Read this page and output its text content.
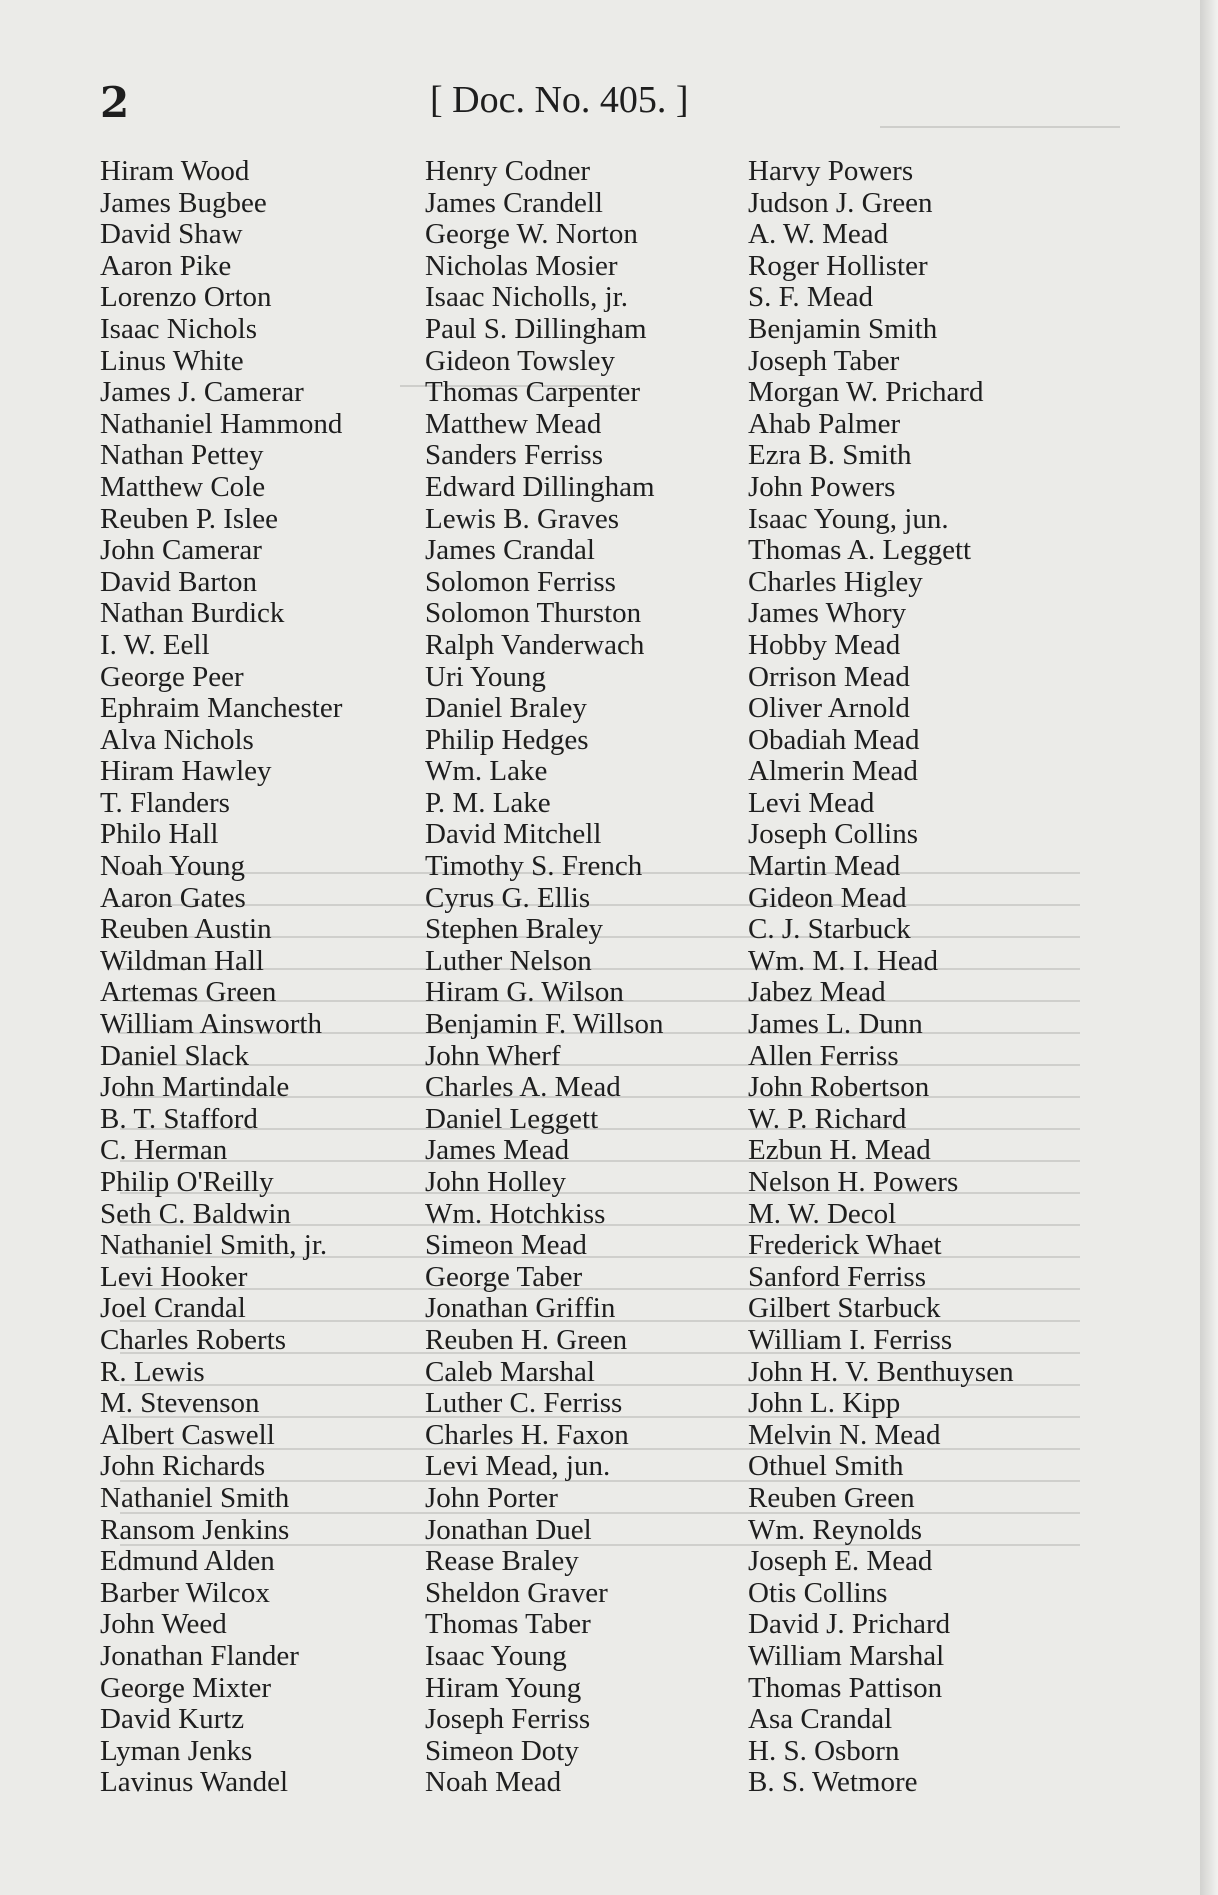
2	[ Doc. No. 405. ]
Hiram Wood
James Bugbee
David Shaw
Aaron Pike
Lorenzo Orton
Isaac Nichols
Linus White
James J. Camerar
Nathaniel Hammond
Nathan Pettey
Matthew Cole
Reuben P. Islee
John Camerar
David Barton
Nathan Burdick
I. W. Eell
George Peer
Ephraim Manchester
Alva Nichols
Hiram Hawley
T. Flanders
Philo Hall
Noah Young
Aaron Gates
Reuben Austin
Wildman Hall
Artemas Green
William Ainsworth
Daniel Slack
John Martindale
B. T. Stafford
C. Herman
Philip O'Reilly
Seth C. Baldwin
Nathaniel Smith, jr.
Levi Hooker
Joel Crandal
Charles Roberts
R. Lewis
M. Stevenson
Albert Caswell
John Richards
Nathaniel Smith
Ransom Jenkins
Edmund Alden
Barber Wilcox
John Weed
Jonathan Flander
George Mixter
David Kurtz
Lyman Jenks
Lavinus Wandel
Henry Codner
James Crandell
George W. Norton
Nicholas Mosier
Isaac Nicholls, jr.
Paul S. Dillingham
Gideon Towsley
Thomas Carpenter
Matthew Mead
Sanders Ferriss
Edward Dillingham
Lewis B. Graves
James Crandal
Solomon Ferriss
Solomon Thurston
Ralph Vanderwach
Uri Young
Daniel Braley
Philip Hedges
Wm. Lake
P. M. Lake
David Mitchell
Timothy S. French
Cyrus G. Ellis
Stephen Braley
Luther Nelson
Hiram G. Wilson
Benjamin F. Willson
John Wherf
Charles A. Mead
Daniel Leggett
James Mead
John Holley
Wm. Hotchkiss
Simeon Mead
George Taber
Jonathan Griffin
Reuben H. Green
Caleb Marshal
Luther C. Ferriss
Charles H. Faxon
Levi Mead, jun.
John Porter
Jonathan Duel
Rease Braley
Sheldon Graver
Thomas Taber
Isaac Young
Hiram Young
Joseph Ferriss
Simeon Doty
Noah Mead
Harvy Powers
Judson J. Green
A. W. Mead
Roger Hollister
S. F. Mead
Benjamin Smith
Joseph Taber
Morgan W. Prichard
Ahab Palmer
Ezra B. Smith
John Powers
Isaac Young, jun.
Thomas A. Leggett
Charles Higley
James Whory
Hobby Mead
Orrison Mead
Oliver Arnold
Obadiah Mead
Almerin Mead
Levi Mead
Joseph Collins
Martin Mead
Gideon Mead
C. J. Starbuck
Wm. M. I. Head
Jabez Mead
James L. Dunn
Allen Ferriss
John Robertson
W. P. Richard
Ezbun H. Mead
Nelson H. Powers
M. W. Decol
Frederick Whaet
Sanford Ferriss
Gilbert Starbuck
William I. Ferriss
John H. V. Benthuysen
John L. Kipp
Melvin N. Mead
Othuel Smith
Reuben Green
Wm. Reynolds
Joseph E. Mead
Otis Collins
David J. Prichard
William Marshal
Thomas Pattison
Asa Crandal
H. S. Osborn
B. S. Wetmore
